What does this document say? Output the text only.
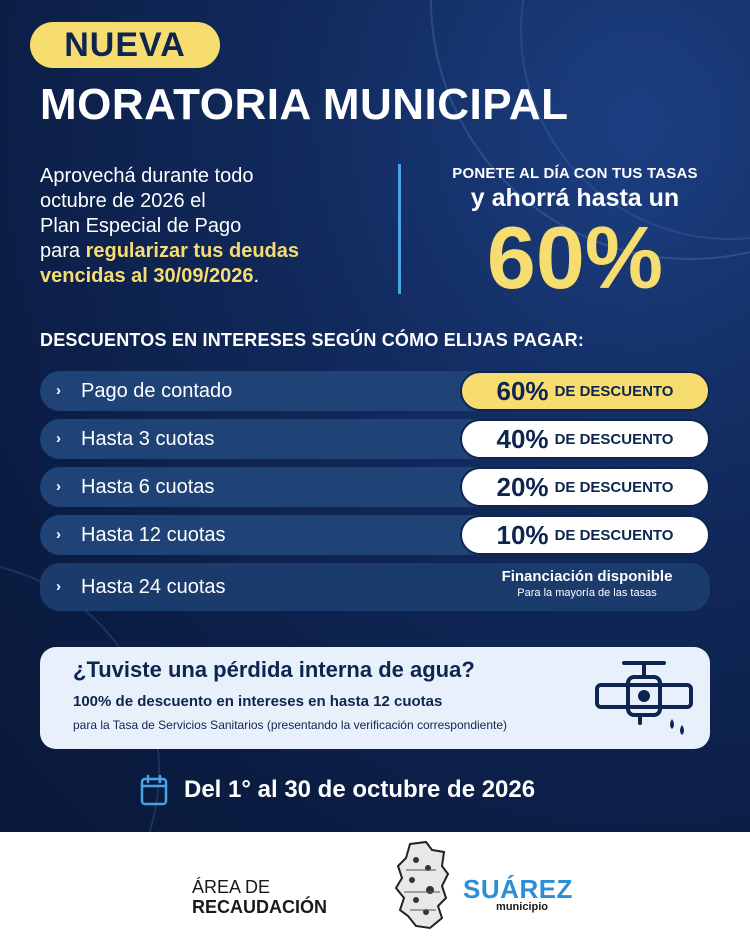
NUEVA
MORATORIA MUNICIPAL
Aprovechá durante todo
octubre de 2026 el
Plan Especial de Pago
para regularizar tus deudas
vencidas al 30/09/2026.
PONETE AL DÍA CON TUS TASAS
y ahorrá hasta un
60%
DESCUENTOS EN INTERESES SEGÚN CÓMO ELIJAS PAGAR:
› Pago de contado	60% DE DESCUENTO
› Hasta 3 cuotas	40% DE DESCUENTO
› Hasta 6 cuotas	20% DE DESCUENTO
› Hasta 12 cuotas	10% DE DESCUENTO
› Hasta 24 cuotas	Financiación disponible
Para la mayoría de las tasas
¿Tuviste una pérdida interna de agua?
100% de descuento en intereses en hasta 12 cuotas
para la Tasa de Servicios Sanitarios (presentando la verificación correspondiente)
Del 1° al 30 de octubre de 2026
ÁREA DE
RECAUDACIÓN
SUÁREZ
municipio
